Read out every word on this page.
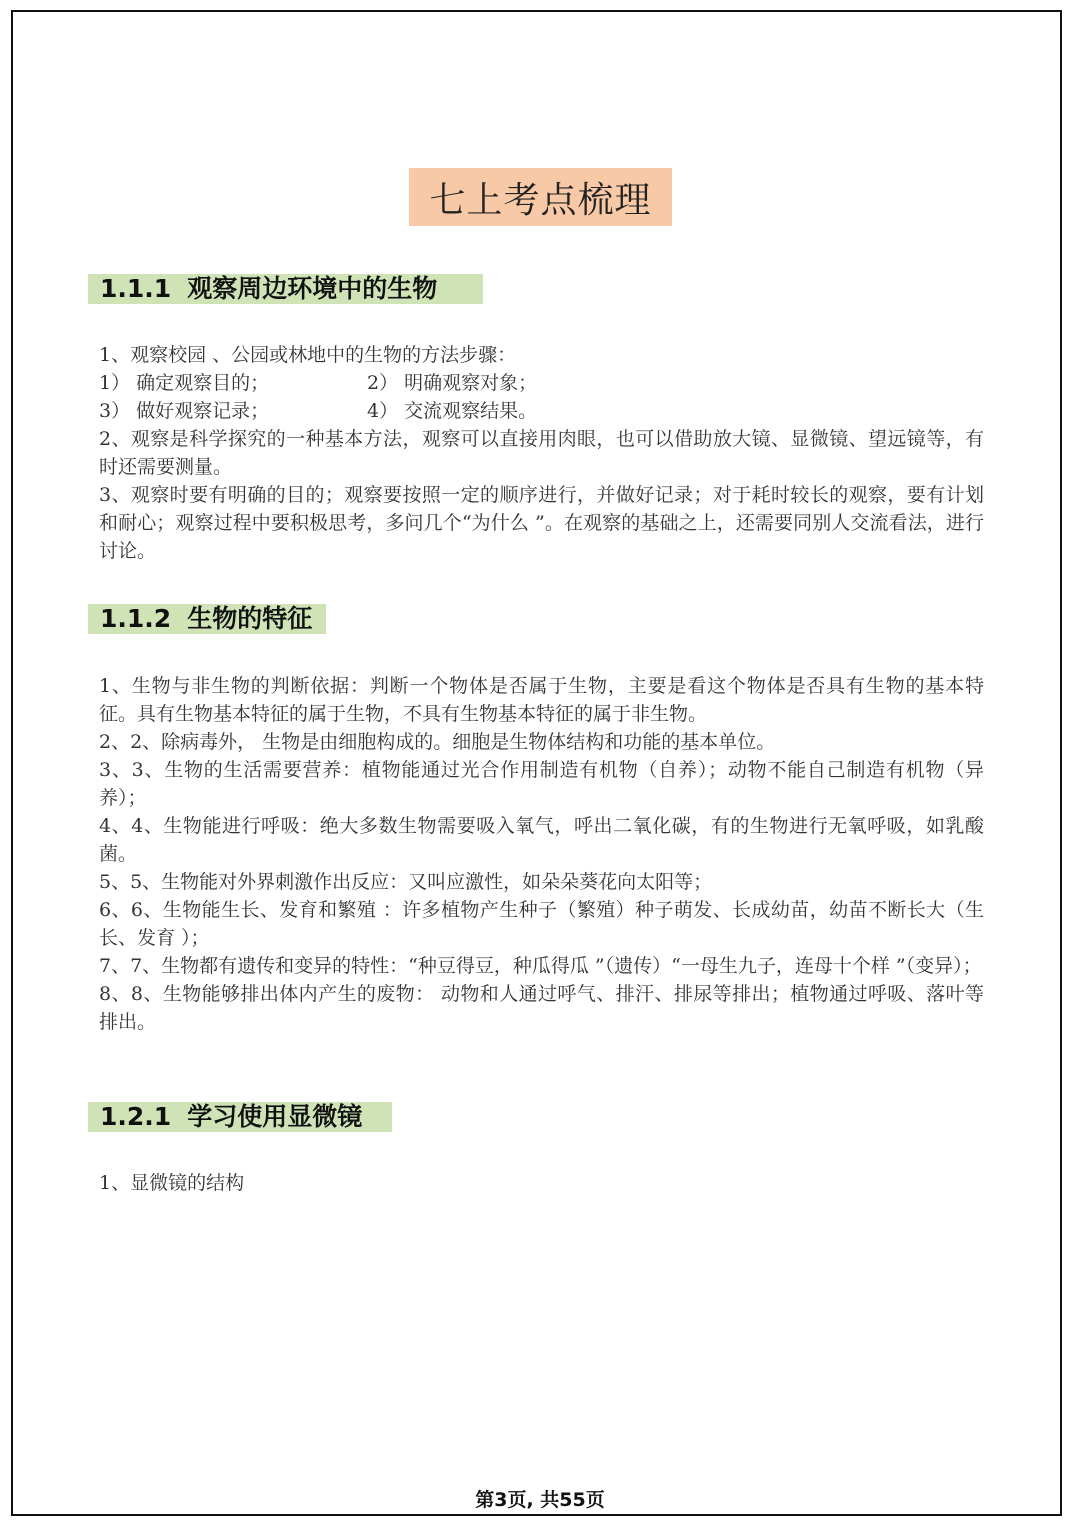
七上考点梳理
1.1.1 观察周边环境中的生物

1、观察校园 、公园或林地中的生物的方法步骤：

1） 确定观察目的；	2） 明确观察对象；
3） 做好观察记录；	4） 交流观察结果。

2、观察是科学探究的一种基本方法，观察可以直接用肉眼，也可以借助放大镜、显微镜、望远镜等，有时还需要测量。

3、观察时要有明确的目的；观察要按照一定的顺序进行，并做好记录；对于耗时较长的观察，要有计划和耐心；观察过程中要积极思考，多问几个“为什么 ”。在观察的基础之上，还需要同别人交流看法，进行讨论。

1.1.2 生物的特征

1、生物与非生物的判断依据：判断一个物体是否属于生物，主要是看这个物体是否具有生物的基本特征。具有生物基本特征的属于生物，不具有生物基本特征的属于非生物。

2、2、除病毒外， 生物是由细胞构成的。细胞是生物体结构和功能的基本单位。

3、3、生物的生活需要营养：植物能通过光合作用制造有机物（自养）；动物不能自己制造有机物（异养）；

4、4、生物能进行呼吸：绝大多数生物需要吸入氧气，呼出二氧化碳，有的生物进行无氧呼吸，如乳酸菌。

5、5、生物能对外界刺激作出反应：又叫应激性，如朵朵葵花向太阳等；

6、6、生物能生长、发育和繁殖 ：许多植物产生种子（繁殖）种子萌发、长成幼苗，幼苗不断长大（生长、发育 ）；

7、7、生物都有遗传和变异的特性：“种豆得豆，种瓜得瓜 ”（遗传）“一母生九子，连母十个样 ”（变异）；

8、8、生物能够排出体内产生的废物： 动物和人通过呼气、排汗、排尿等排出；植物通过呼吸、落叶等排出。

1.2.1 学习使用显微镜

1、显微镜的结构

第3页, 共55页
